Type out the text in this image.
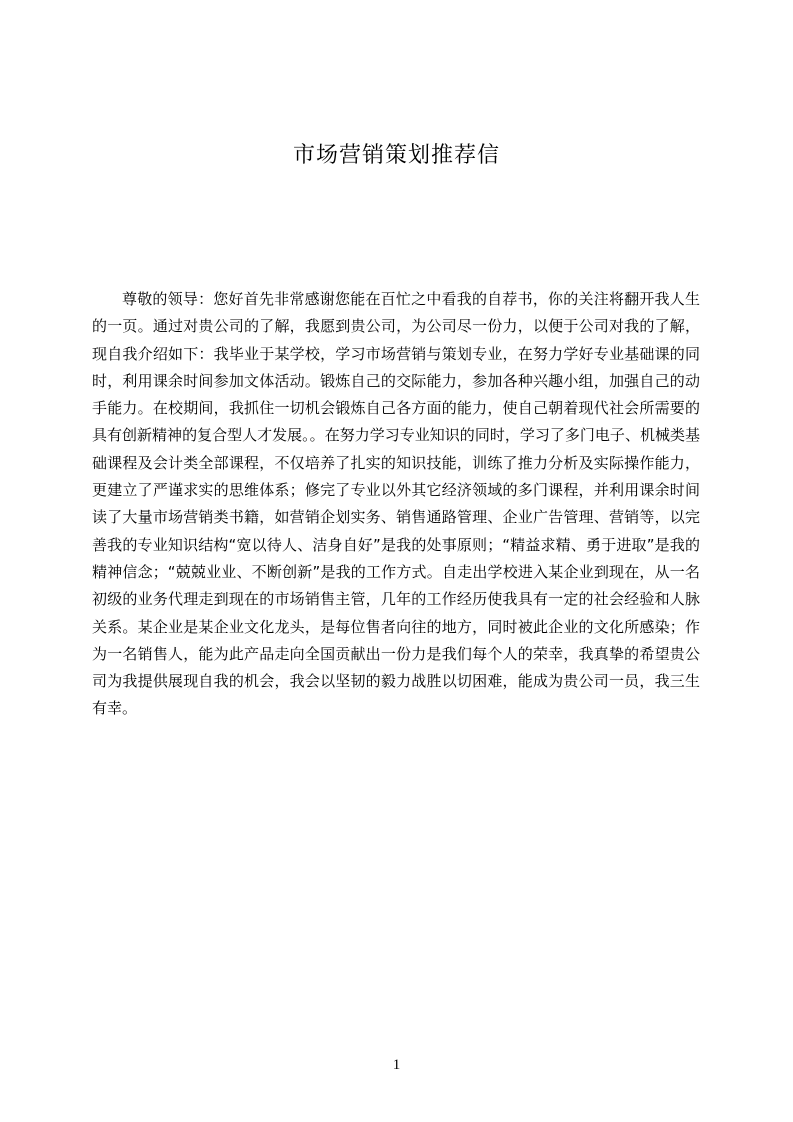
市场营销策划推荐信

尊敬的领导：您好首先非常感谢您能在百忙之中看我的自荐书，你的关注将翻开我人生的一页。通过对贵公司的了解，我愿到贵公司，为公司尽一份力，以便于公司对我的了解，现自我介绍如下：我毕业于某学校，学习市场营销与策划专业，在努力学好专业基础课的同时，利用课余时间参加文体活动。锻炼自己的交际能力，参加各种兴趣小组，加强自己的动手能力。在校期间，我抓住一切机会锻炼自己各方面的能力，使自己朝着现代社会所需要的具有创新精神的复合型人才发展。。在努力学习专业知识的同时，学习了多门电子、机械类基础课程及会计类全部课程，不仅培养了扎实的知识技能，训练了推力分析及实际操作能力，更建立了严谨求实的思维体系；修完了专业以外其它经济领域的多门课程，并利用课余时间读了大量市场营销类书籍，如营销企划实务、销售通路管理、企业广告管理、营销等，以完善我的专业知识结构“宽以待人、洁身自好”是我的处事原则；“精益求精、勇于进取”是我的精神信念；“兢兢业业、不断创新”是我的工作方式。自走出学校进入某企业到现在，从一名初级的业务代理走到现在的市场销售主管，几年的工作经历使我具有一定的社会经验和人脉关系。某企业是某企业文化龙头，是每位售者向往的地方，同时被此企业的文化所感染；作为一名销售人，能为此产品走向全国贡献出一份力是我们每个人的荣幸，我真挚的希望贵公司为我提供展现自我的机会，我会以坚韧的毅力战胜以切困难，能成为贵公司一员，我三生有幸。

1
